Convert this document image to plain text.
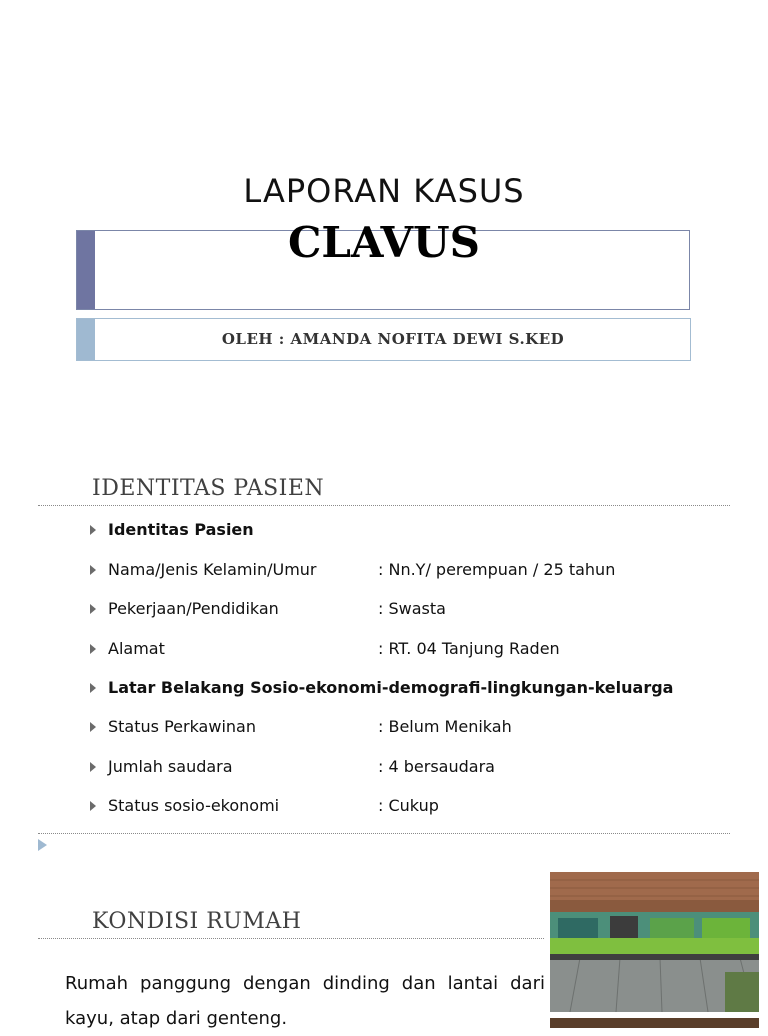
LAPORAN KASUS
CLAVUS
OLEH : AMANDA NOFITA DEWI S.KED
IDENTITAS PASIEN
Identitas Pasien
Nama/Jenis Kelamin/Umur	: Nn.Y/ perempuan / 25 tahun
Pekerjaan/Pendidikan	: Swasta
Alamat	: RT. 04 Tanjung Raden
Latar Belakang Sosio-ekonomi-demografi-lingkungan-keluarga
Status Perkawinan	: Belum Menikah
Jumlah saudara	: 4 bersaudara
Status sosio-ekonomi	: Cukup
KONDISI RUMAH
Rumah panggung dengan dinding dan lantai dari kayu, atap dari genteng.
